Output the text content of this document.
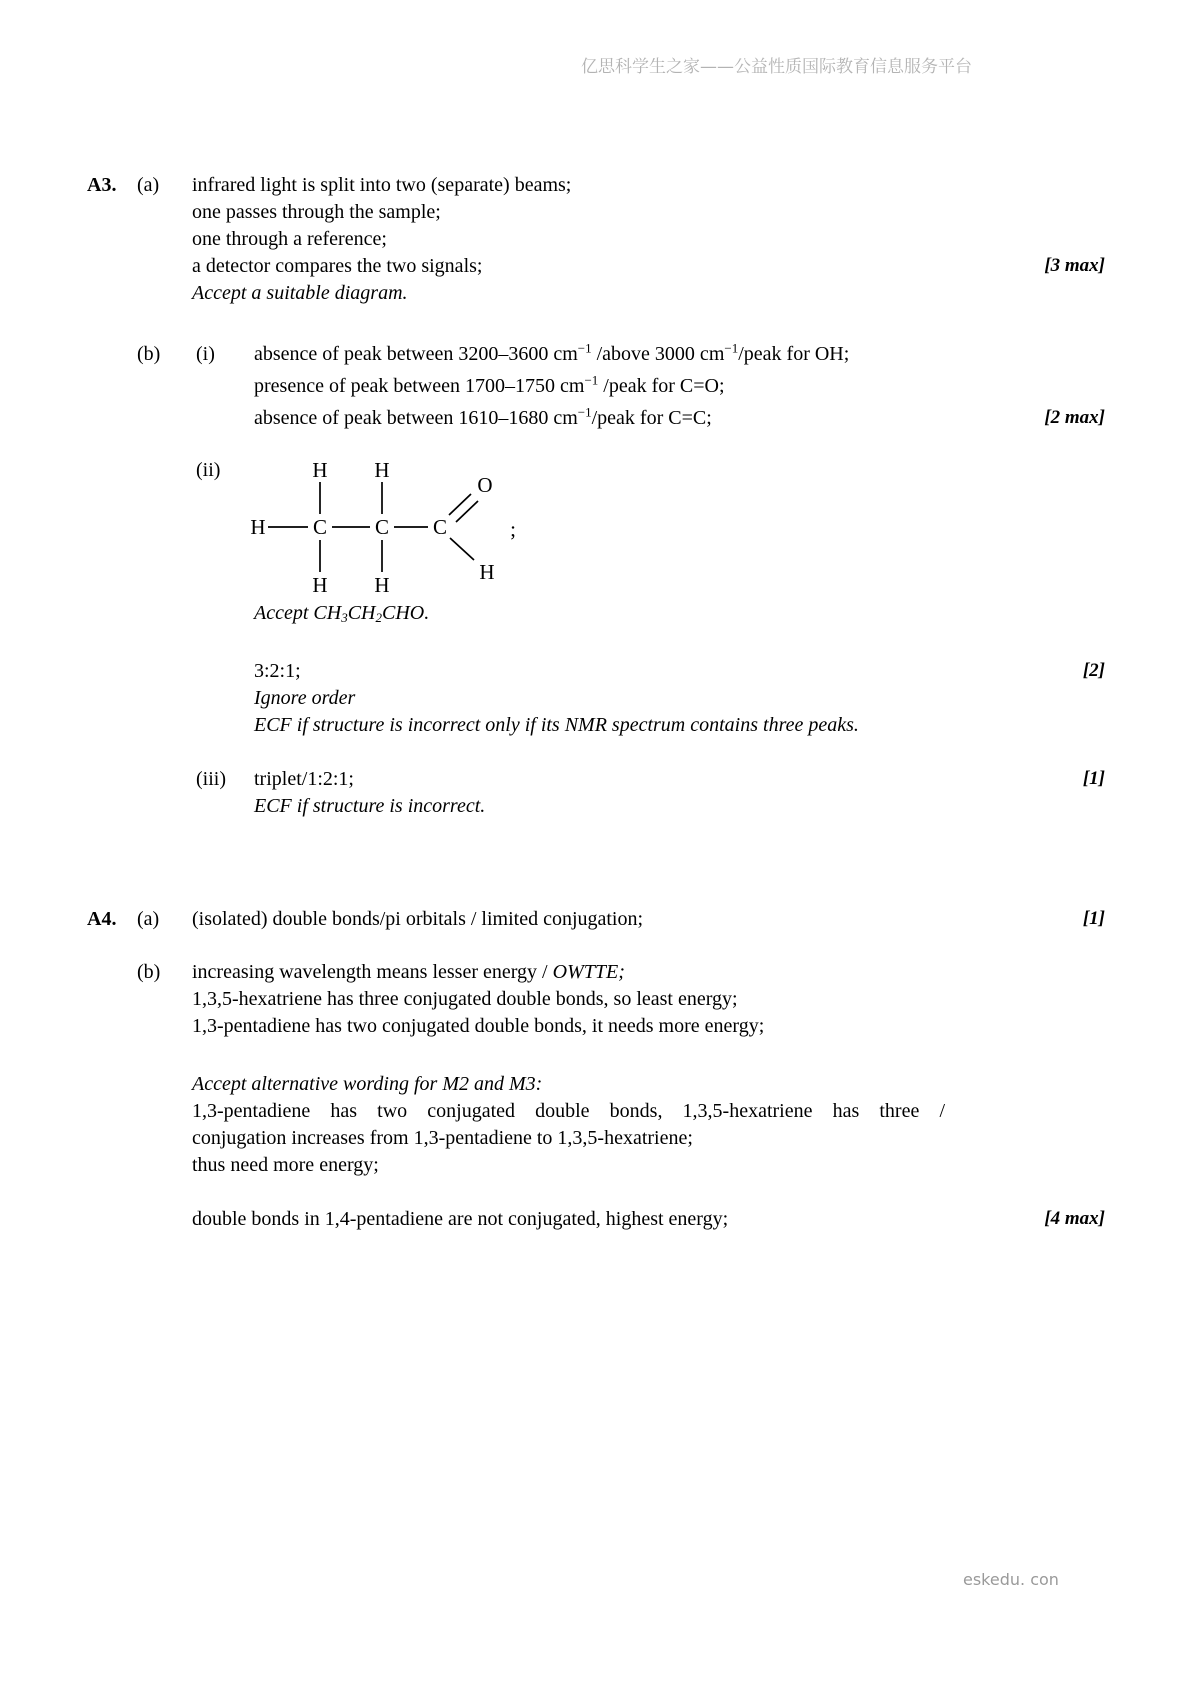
亿思科学生之家——公益性质国际教育信息服务平台
A3. (a) infrared light is split into two (separate) beams;
one passes through the sample;
one through a reference;
a detector compares the two signals;	[3 max]
Accept a suitable diagram.
(b) (i) absence of peak between 3200–3600 $cm^{-1}$ /above 3000 $cm^{-1}$/peak for OH;
presence of peak between 1700–1750 $cm^{-1}$ /peak for C=O;
absence of peak between 1610–1680 $cm^{-1}$/peak for C=C;	[2 max]
(ii)
H C C C
O
H
H H
H H
;
Accept $CH_3CH_2CHO$.
3:2:1;	[2]
Ignore order
ECF if structure is incorrect only if its NMR spectrum contains three peaks.
(iii) triplet/1:2:1;	[1]
ECF if structure is incorrect.
A4. (a) (isolated) double bonds/pi orbitals / limited conjugation;	[1]
(b) increasing wavelength means lesser energy / OWTTE;
1,3,5-hexatriene has three conjugated double bonds, so least energy;
1,3-pentadiene has two conjugated double bonds, it needs more energy;
Accept alternative wording for M2 and M3:
1,3-pentadiene has two conjugated double bonds, 1,3,5-hexatriene has three /
conjugation increases from 1,3-pentadiene to 1,3,5-hexatriene;
thus need more energy;
double bonds in 1,4-pentadiene are not conjugated, highest energy;	[4 max]
eskedu. con
